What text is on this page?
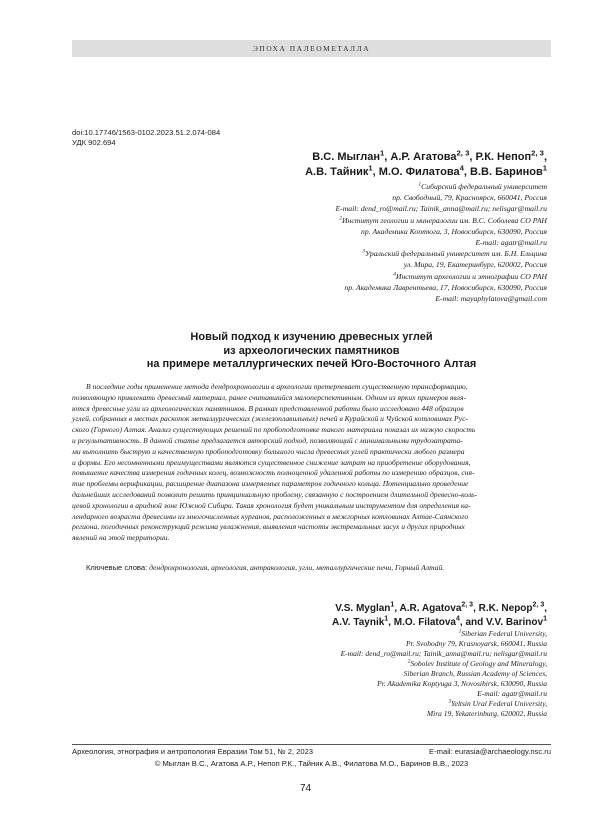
ЭПОХА ПАЛЕОМЕТАЛЛА
doi:10.17746/1563-0102.2023.51.2.074-084
УДК 902.694
В.С. Мыглан$^1$, А.Р. Агатова$^{2, 3}$, Р.К. Непоп$^{2, 3}$,
А.В. Тайник$^1$, М.О. Филатова$^4$, В.В. Баринов$^1$
$^1$Сибирский федеральный университет
пр. Свободный, 79, Красноярск, 660041, Россия
E-mail: dend_ro@mail.ru; Tainik_anna@mail.ru; nelisgar@mail.ru
$^2$Институт геологии и минералогии им. В.С. Соболева СО РАН
пр. Академика Коптюга, 3, Новосибирск, 630090, Россия
E-mail: agatr@mail.ru
$^3$Уральский федеральный университет им. Б.Н. Ельцина
ул. Мира, 19, Екатеринбург, 620002, Россия
$^4$Институт археологии и этнографии СО РАН
пр. Академика Лаврентьева, 17, Новосибирск, 630090, Россия
E-mail: mayaphylatova@gmail.com
Новый подход к изучению древесных углей
из археологических памятников
на примере металлургических печей Юго-Восточного Алтая
В последние годы применение метода дендрохронологии в археологии претерпевает существенную трансформацию,
позволяющую привлекать древесный материал, ранее считавшийся малоперспективным. Одним из ярких примеров явля-
ются древесные угли из археологических памятников. В рамках представленной работы было исследовано 448 образцов
углей, собранных в местах раскопок металлургических (железоплавильных) печей в Курайской и Чуйской котловинах Рус-
ского (Горного) Алтая. Анализ существующих решений по пробоподготовке такого материала показал их низкую скорость
и результативность. В данной статье предлагается авторский подход, позволяющий с минимальными трудозатрата-
ми выполнить быструю и качественную пробоподготовку большого числа древесных углей практически любого размера
и формы. Его несомненными преимуществами являются существенное снижение затрат на приобретение оборудования,
повышение качества измерения годичных колец, возможность полноценной удаленной работы по измерению образцов, сня-
тие проблемы верификации, расширение диапазона измеряемых параметров годичного кольца. Потенциально проведение
дальнейших исследований позволит решить принципиальную проблему, связанную с построением длительной древесно-коль-
цевой хронологии в аридной зоне Южной Сибири. Такая хронология будет уникальным инструментом для определения ка-
лендарного возраста древесины из многочисленных курганов, расположенных в межгорных котловинах Алтае-Саянского
региона, погодичных реконструкций режима увлажнения, выявления частоты экстремальных засух и других природных
явлений на этой территории.
Ключевые слова: дендрохронология, археология, антракология, угли, металлургические печи, Горный Алтай.
V.S. Myglan$^1$, A.R. Agatova$^{2, 3}$, R.K. Nepop$^{2, 3}$,
A.V. Taynik$^1$, M.O. Filatova$^4$, and V.V. Barinov$^1$
$^1$Siberian Federal University,
Pr. Svobodny 79, Krasnoyarsk, 660041, Russia
E-mail: dend_ro@mail.ru; Tainik_anna@mail.ru; nelisgar@mail.ru
$^2$Sobolev Institute of Geology and Mineralogy,
Siberian Branch, Russian Academy of Sciences,
Pr. Akademika Koptyuga 3, Novosibirsk, 630090, Russia
E-mail: agatr@mail.ru
$^3$Yeltsin Ural Federal University,
Mira 19, Yekaterinburg, 620002, Russia
Археология, этнография и антропология Евразии Том 51, № 2, 2023	E-mail: eurasia@archaeology.nsc.ru
© Мыглан В.С., Агатова А.Р., Непоп Р.К., Тайник А.В., Филатова М.О., Баринов В.В., 2023
74
